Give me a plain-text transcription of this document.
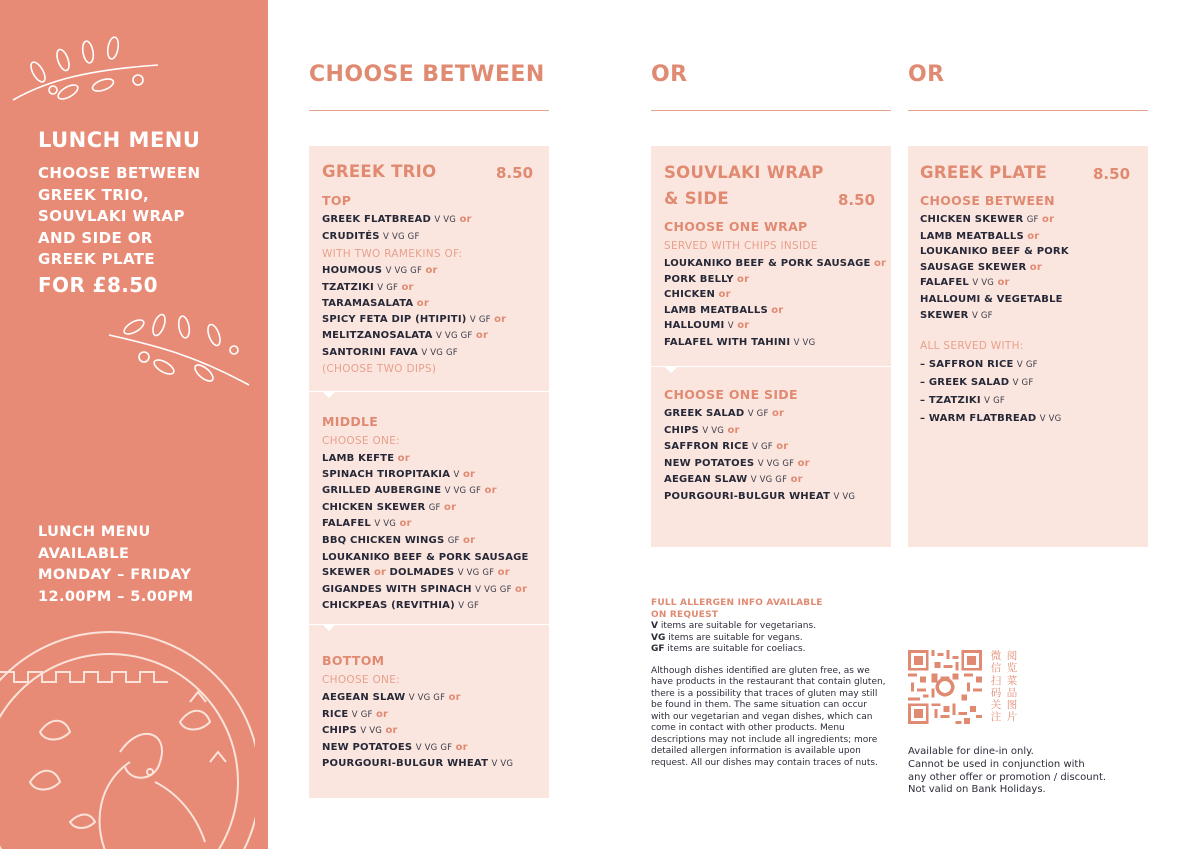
LUNCH MENU
CHOOSE BETWEEN
GREEK TRIO,
SOUVLAKI WRAP
AND SIDE OR
GREEK PLATE
FOR £8.50
LUNCH MENU
AVAILABLE
MONDAY – FRIDAY
12.00PM – 5.00PM
CHOOSE BETWEEN	OR	OR
GREEK TRIO	8.50
TOP
GREEK FLATBREAD V VG or
CRUDITÉS V VG GF
WITH TWO RAMEKINS OF:
HOUMOUS V VG GF or
TZATZIKI V GF or
TARAMASALATA or
SPICY FETA DIP (HTIPITI) V GF or
MELITZANOSALATA V VG GF or
SANTORINI FAVA V VG GF
(CHOOSE TWO DIPS)
MIDDLE
CHOOSE ONE:
LAMB KEFTE or
SPINACH TIROPITAKIA V or
GRILLED AUBERGINE V VG GF or
CHICKEN SKEWER GF or
FALAFEL V VG or
BBQ CHICKEN WINGS GF or
LOUKANIKO BEEF & PORK SAUSAGE
SKEWER or DOLMADES V VG GF or
GIGANDES WITH SPINACH V VG GF or
CHICKPEAS (REVITHIA) V GF
BOTTOM
CHOOSE ONE:
AEGEAN SLAW V VG GF or
RICE V GF or
CHIPS V VG or
NEW POTATOES V VG GF or
POURGOURI-BULGUR WHEAT V VG
SOUVLAKI WRAP
& SIDE	8.50
CHOOSE ONE WRAP
SERVED WITH CHIPS INSIDE
LOUKANIKO BEEF & PORK SAUSAGE or
PORK BELLY or
CHICKEN or
LAMB MEATBALLS or
HALLOUMI V or
FALAFEL WITH TAHINI V VG
CHOOSE ONE SIDE
GREEK SALAD V GF or
CHIPS V VG or
SAFFRON RICE V GF or
NEW POTATOES V VG GF or
AEGEAN SLAW V VG GF or
POURGOURI-BULGUR WHEAT V VG
GREEK PLATE	8.50
CHOOSE BETWEEN
CHICKEN SKEWER GF or
LAMB MEATBALLS or
LOUKANIKO BEEF & PORK
SAUSAGE SKEWER or
FALAFEL V VG or
HALLOUMI & VEGETABLE
SKEWER V GF
ALL SERVED WITH:
– SAFFRON RICE V GF
– GREEK SALAD V GF
– TZATZIKI V GF
– WARM FLATBREAD V VG
FULL ALLERGEN INFO AVAILABLE
ON REQUEST
V items are suitable for vegetarians.
VG items are suitable for vegans.
GF items are suitable for coeliacs.
Although dishes identified are gluten free, as we have products in the restaurant that contain gluten, there is a possibility that traces of gluten may still be found in them. The same situation can occur with our vegetarian and vegan dishes, which can come in contact with other products. Menu descriptions may not include all ingredients; more detailed allergen information is available upon request. All our dishes may contain traces of nuts.
微 阅 信 览 扫 菜 码 品 关 图 注 片
Available for dine-in only.
Cannot be used in conjunction with
any other offer or promotion / discount.
Not valid on Bank Holidays.
